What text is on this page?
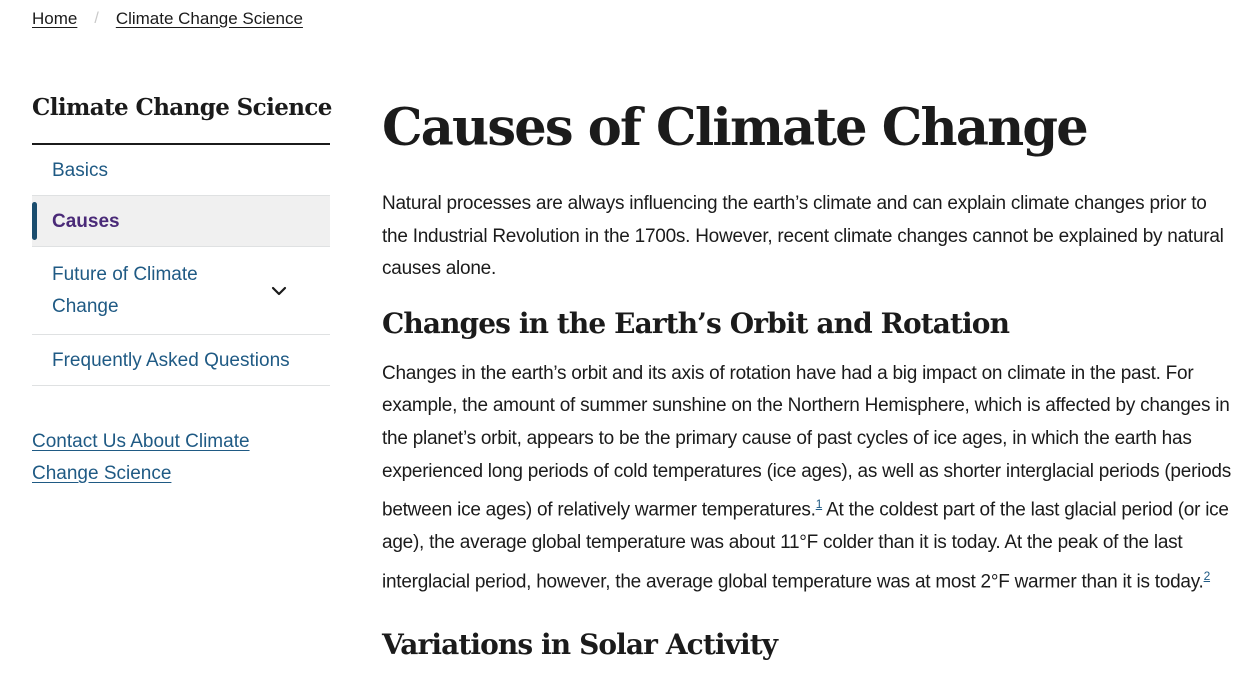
Home / Climate Change Science
Climate Change Science
Basics
Causes
Future of Climate Change
Frequently Asked Questions
Contact Us About Climate Change Science
Causes of Climate Change

Natural processes are always influencing the earth’s climate and can explain climate changes prior to the Industrial Revolution in the 1700s. However, recent climate changes cannot be explained by natural causes alone.

Changes in the Earth’s Orbit and Rotation

Changes in the earth’s orbit and its axis of rotation have had a big impact on climate in the past. For example, the amount of summer sunshine on the Northern Hemisphere, which is affected by changes in the planet’s orbit, appears to be the primary cause of past cycles of ice ages, in which the earth has experienced long periods of cold temperatures (ice ages), as well as shorter interglacial periods (periods between ice ages) of relatively warmer temperatures.$^1$ At the coldest part of the last glacial period (or ice age), the average global temperature was about 11°F colder than it is today. At the peak of the last interglacial period, however, the average global temperature was at most 2°F warmer than it is today.$^2$

Variations in Solar Activity
